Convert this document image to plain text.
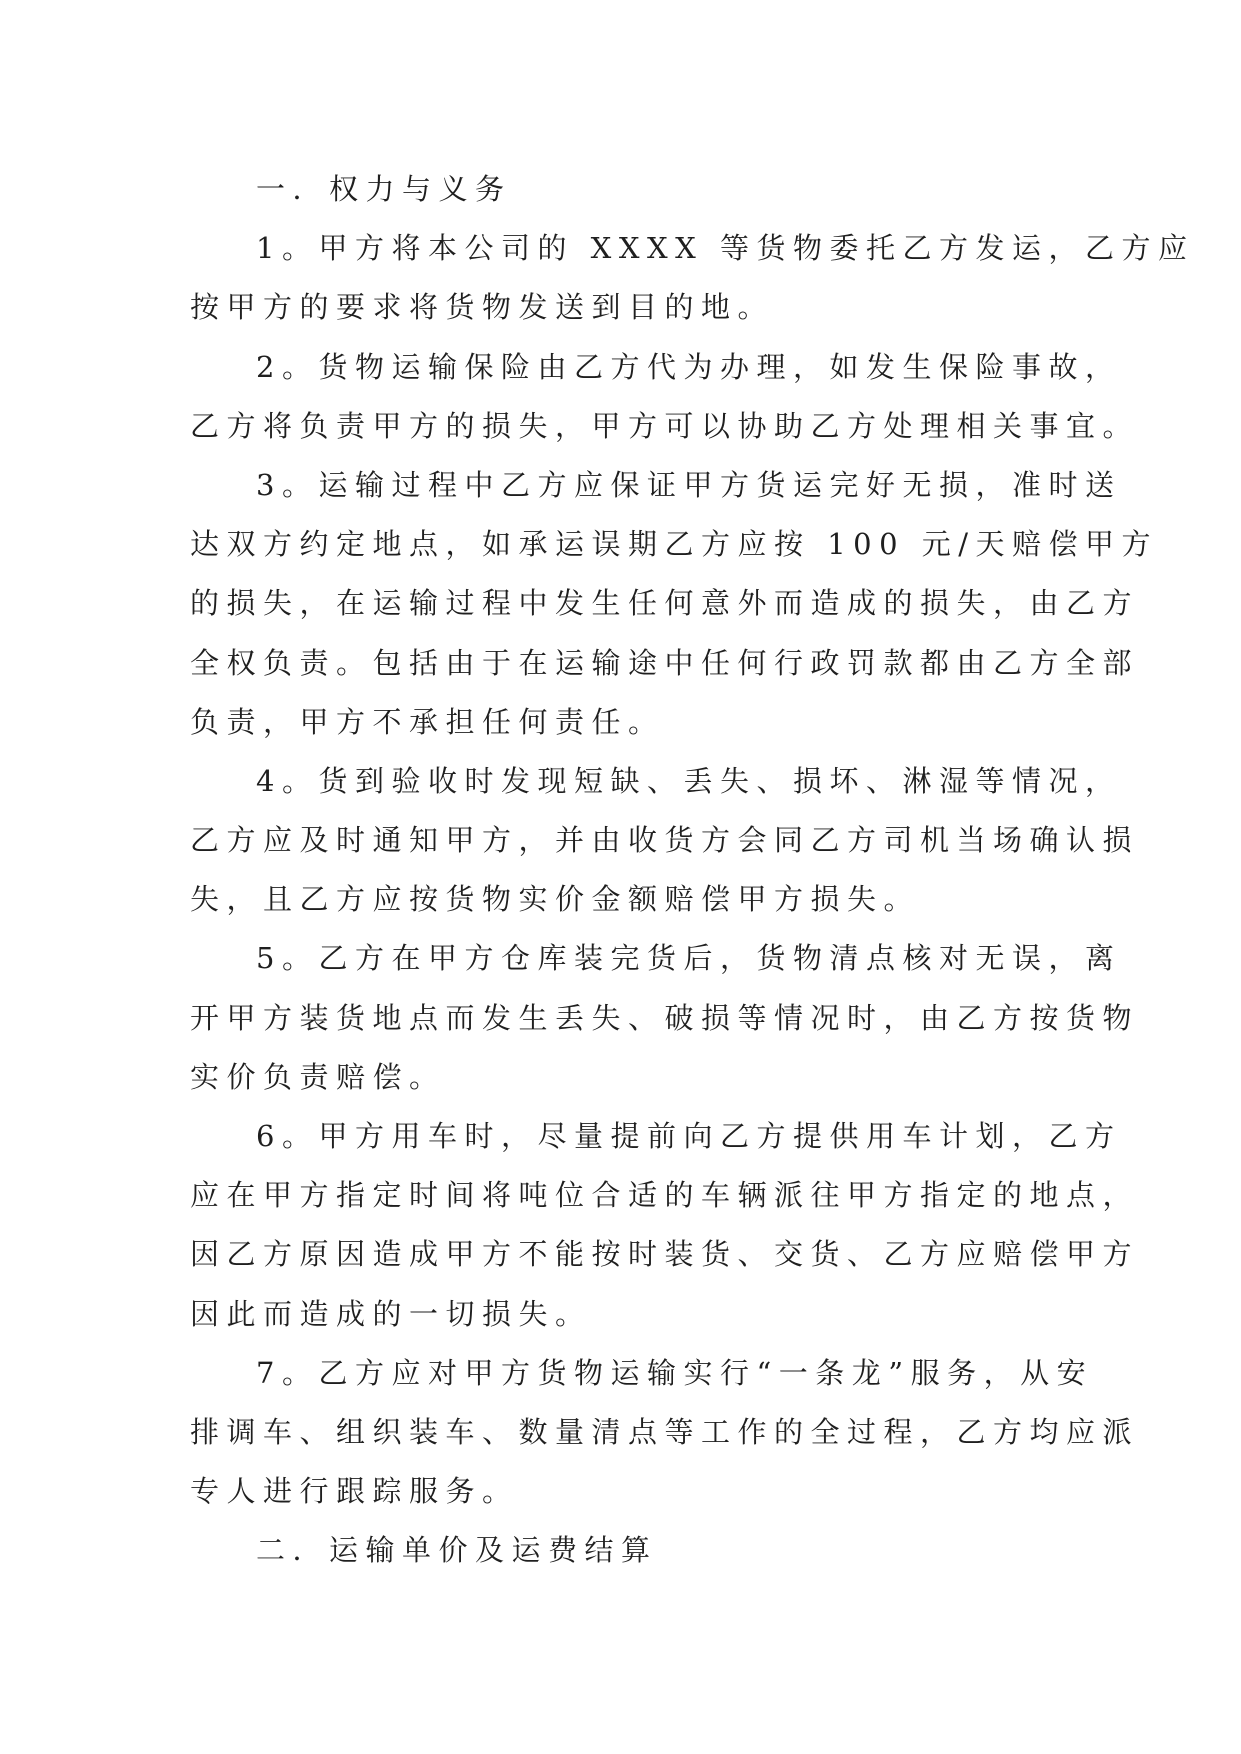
一．权力与义务
1。甲方将本公司的 XXXX 等货物委托乙方发运，乙方应
按甲方的要求将货物发送到目的地。
2。货物运输保险由乙方代为办理，如发生保险事故，
乙方将负责甲方的损失，甲方可以协助乙方处理相关事宜。
3。运输过程中乙方应保证甲方货运完好无损，准时送
达双方约定地点，如承运误期乙方应按 100 元/天赔偿甲方
的损失，在运输过程中发生任何意外而造成的损失，由乙方
全权负责。包括由于在运输途中任何行政罚款都由乙方全部
负责，甲方不承担任何责任。
4。货到验收时发现短缺、丢失、损坏、淋湿等情况，
乙方应及时通知甲方，并由收货方会同乙方司机当场确认损
失，且乙方应按货物实价金额赔偿甲方损失。
5。乙方在甲方仓库装完货后，货物清点核对无误，离
开甲方装货地点而发生丢失、破损等情况时，由乙方按货物
实价负责赔偿。
6。甲方用车时，尽量提前向乙方提供用车计划，乙方
应在甲方指定时间将吨位合适的车辆派往甲方指定的地点，
因乙方原因造成甲方不能按时装货、交货、乙方应赔偿甲方
因此而造成的一切损失。
7。乙方应对甲方货物运输实行“一条龙”服务，从安
排调车、组织装车、数量清点等工作的全过程，乙方均应派
专人进行跟踪服务。
二．运输单价及运费结算
